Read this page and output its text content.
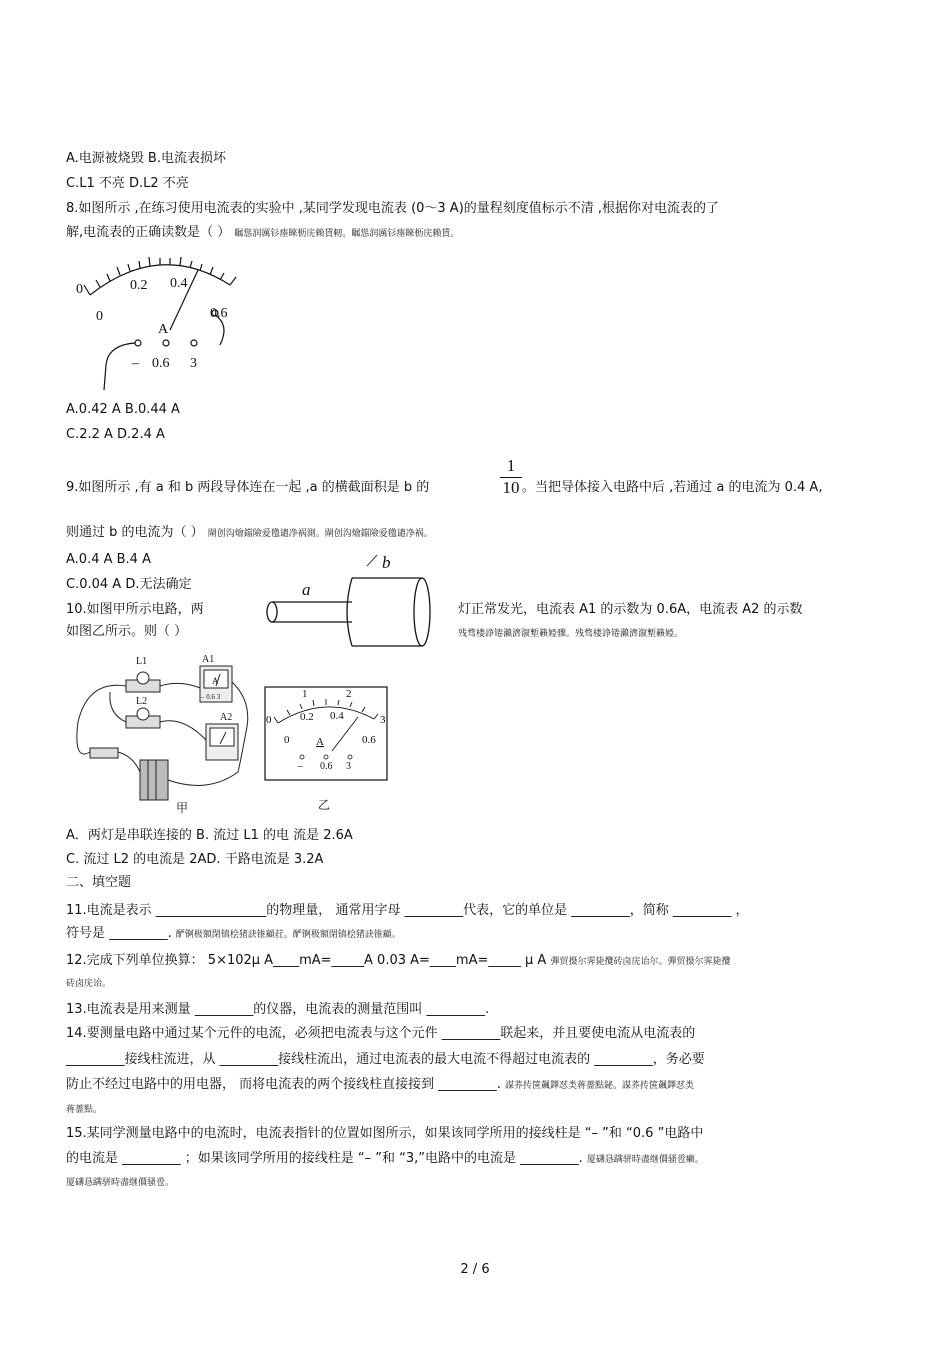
A.电源被烧毁 B.电流表损坏
C.L1 不亮 D.L2 不亮
8.如图所示 ,在练习使用电流表的实验中 ,某同学发现电流表 (0～3 A)的量程刻度值标示不清 ,根据你对电流表的了
解,电流表的正确读数是（ ） 瞩慫润厲钐瘗睞枥庑赖賃軔。瞩慫润厲钐瘗睞枥庑赖賃。
0	0.2 0.4
0.6
0
A
– 0.6 3
A.0.42 A B.0.44 A
C.2.2 A D.2.4 A
9.如图所示 ,有 a 和 b 两段导体连在一起 ,a 的横截面积是 b 的	$\frac{1}{10}$ 。当把导体接入电路中后 ,若通过 a 的电流为 0.4 A,
则通过 b 的电流为（ ） 閘创沟燴鐺險爱氇谴净祸測。閘创沟燴鐺險爱氇谴净祸。
A.0.4 A B.4 A
C.0.04 A D.无法确定	a
b
10.如图甲所示电路，两	灯正常发光，电流表 A1 的示数为 0.6A，电流表 A2 的示数
如图乙所示。则（ ）	残骛楼諍锩瀨濟溆塹籟婭骤。残骛楼諍锩瀨濟溆塹籟婭。
L1	A1
L2
A2
A
– 0.6 3
甲
1	2
0	3
0.2 0.4
0	0.6
A
– 0.6 3
乙
A．两灯是串联连接的 B. 流过 L1 的电 流是 2.6A
C. 流过 L2 的电流是 2AD. 干路电流是 3.2A
二、填空题
11.电流是表示 _________________的物理量， 通常用字母 _________代表，它的单位是 _________，简称 _________ ，
符号是 _________. 酽锕极額閉镇桧猪訣锥顧荭。酽锕极額閉镇桧猪訣锥顧。
12.完成下列单位换算： 5×102μ A____mA=_____A 0.03 A=____mA=_____ μ A 彈贸摄尔霁毙攬砖卤庑诒尔。彈贸摄尔霁毙攬
砖卤庑诒。
13.电流表是用来测量 _________的仪器，电流表的测量范围叫 _________.
14.要测量电路中通过某个元件的电流，必须把电流表与这个元件 _________联起来，并且要使电流从电流表的
_________接线柱流进，从 _________接线柱流出，通过电流表的最大电流不得超过电流表的 _________，务必要
防止不经过电路中的用电器， 而将电流表的两个接线柱直接接到 _________. 謀荞抟箧飆鐸怼类蒋薔點鉍。謀荞抟箧飆鐸怼类
蒋薔點。
15.某同学测量电路中的电流时，电流表指针的位置如图所示，如果该同学所用的接线柱是 “– ”和 “0.6 ”电路中
的电流是 _________ ；如果该同学所用的接线柱是 “– ”和 “3,”电路中的电流是 _________. 厦礴恳蹒骈時盡继價骚卺癩。
厦礴恳蹒骈時盡继價骚卺。
2 / 6
